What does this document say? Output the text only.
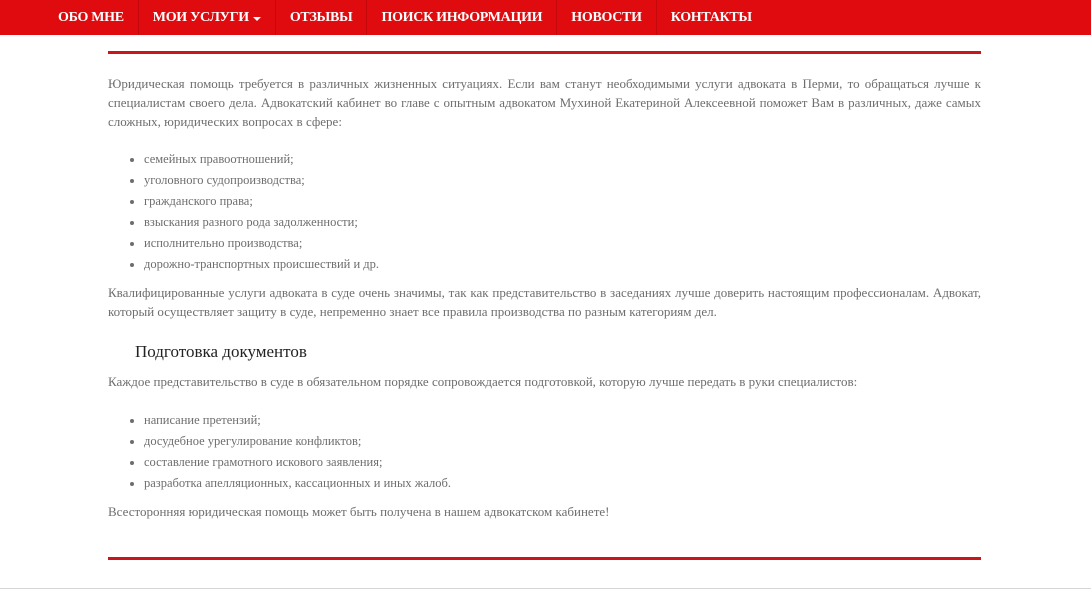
ОБО МНЕ МОИ УСЛУГИ	ОТЗЫВЫ ПОИСК ИНФОРМАЦИИ НОВОСТИ КОНТАКТЫ

Юридическая помощь требуется в различных жизненных ситуациях. Если вам станут необходимыми услуги адвоката в Перми, то обращаться лучше к специалистам своего дела. Адвокатский кабинет во главе с опытным адвокатом Мухиной Екатериной Алексеевной поможет Вам в различных, даже самых сложных, юридических вопросах в сфере:

• семейных правоотношений;
• уголовного судопроизводства;
• гражданского права;
• взыскания разного рода задолженности;
• исполнительно производства;
• дорожно-транспортных происшествий и др.

Квалифицированные услуги адвоката в суде очень значимы, так как представительство в заседаниях лучше доверить настоящим профессионалам. Адвокат, который осуществляет защиту в суде, непременно знает все правила производства по разным категориям дел.

Подготовка документов

Каждое представительство в суде в обязательном порядке сопровождается подготовкой, которую лучше передать в руки специалистов:

• написание претензий;
• досудебное урегулирование конфликтов;
• составление грамотного искового заявления;
• разработка апелляционных, кассационных и иных жалоб.

Всесторонняя юридическая помощь может быть получена в нашем адвокатском кабинете!
